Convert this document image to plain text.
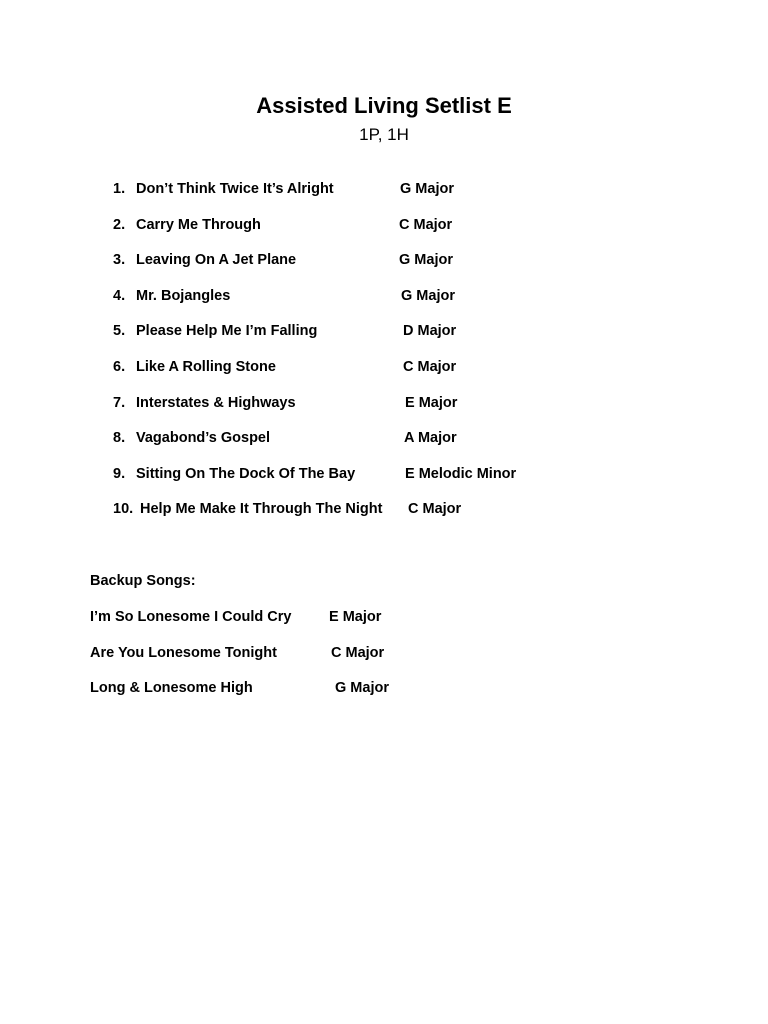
Assisted Living Setlist E

1P, 1H

1. Don’t Think Twice It’s Alright	G Major
2. Carry Me Through	C Major
3. Leaving On A Jet Plane	G Major
4. Mr. Bojangles	G Major
5. Please Help Me I’m Falling	D Major
6. Like A Rolling Stone	C Major
7. Interstates & Highways	E Major
8. Vagabond’s Gospel	A Major
9. Sitting On The Dock Of The Bay	E Melodic Minor
10. Help Me Make It Through The Night C Major

Backup Songs:

I’m So Lonesome I Could Cry	E Major
Are You Lonesome Tonight	C Major
Long & Lonesome High	G Major
